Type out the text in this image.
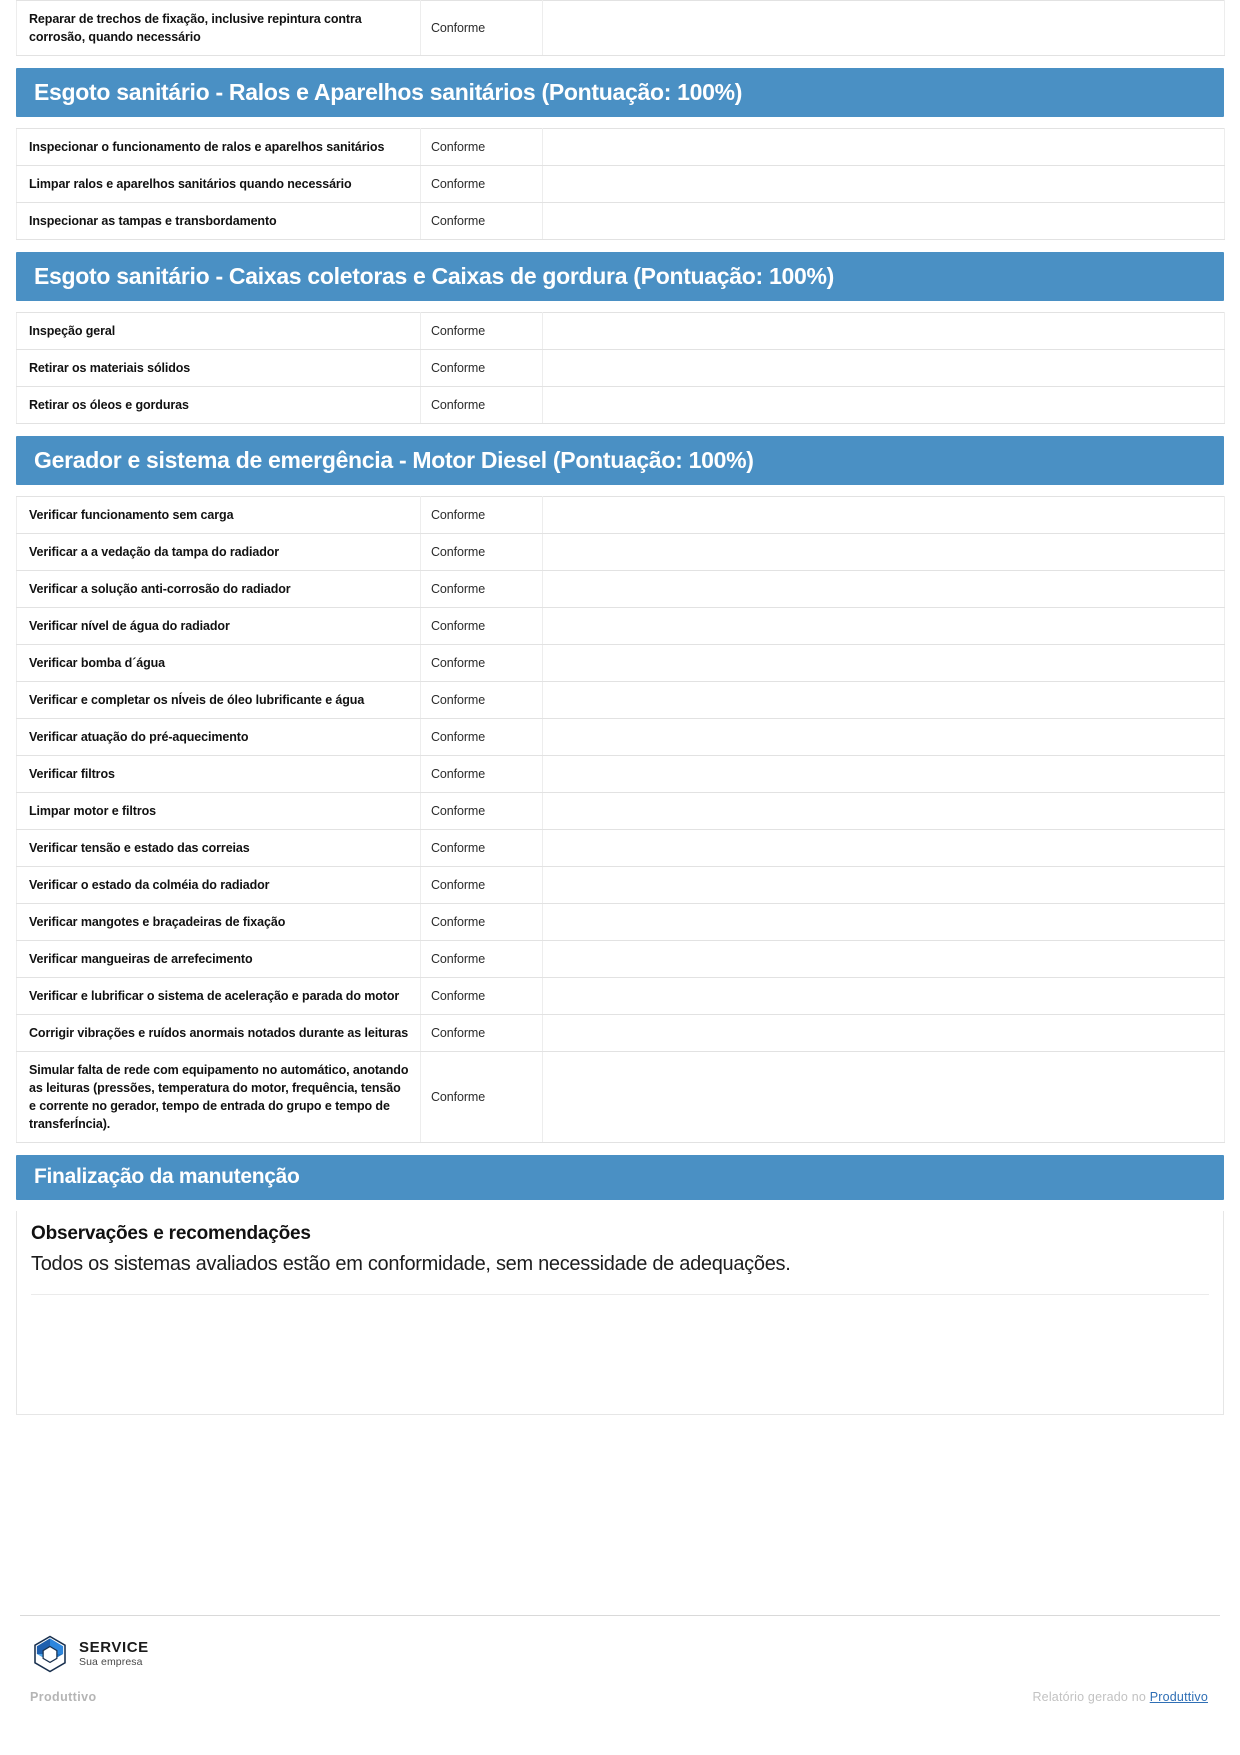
Reparar de trechos de fixação, inclusive repintura contra corrosão, quando necessário	Conforme	
Esgoto sanitário - Ralos e Aparelhos sanitários (Pontuação: 100%)
Inspecionar o funcionamento de ralos e aparelhos sanitários	Conforme	
Limpar ralos e aparelhos sanitários quando necessário	Conforme	
Inspecionar as tampas e transbordamento	Conforme	
Esgoto sanitário - Caixas coletoras e Caixas de gordura (Pontuação: 100%)
Inspeção geral	Conforme	
Retirar os materiais sólidos	Conforme	
Retirar os óleos e gorduras	Conforme	
Gerador e sistema de emergência - Motor Diesel (Pontuação: 100%)
Verificar funcionamento sem carga	Conforme	
Verificar a a vedação da tampa do radiador	Conforme	
Verificar a solução anti-corrosão do radiador	Conforme	
Verificar nível de água do radiador	Conforme	
Verificar bomba d´água	Conforme	
Verificar e completar os nÍveis de óleo lubrificante e água	Conforme	
Verificar atuação do pré-aquecimento	Conforme	
Verificar filtros	Conforme	
Limpar motor e filtros	Conforme	
Verificar tensão e estado das correias	Conforme	
Verificar o estado da colméia do radiador	Conforme	
Verificar mangotes e braçadeiras de fixação	Conforme	
Verificar mangueiras de arrefecimento	Conforme	
Verificar e lubrificar o sistema de aceleração e parada do motor	Conforme	
Corrigir vibrações e ruídos anormais notados durante as leituras	Conforme	
Simular falta de rede com equipamento no automático, anotando as leituras (pressões, temperatura do motor, frequência, tensão e corrente no gerador, tempo de entrada do grupo e tempo de transferÍncia).	Conforme	
Finalização da manutenção
Observações e recomendações
Todos os sistemas avaliados estão em conformidade, sem necessidade de adequações.
SERVICE
Sua empresa
Produttivo	Relatório gerado no Produttivo
